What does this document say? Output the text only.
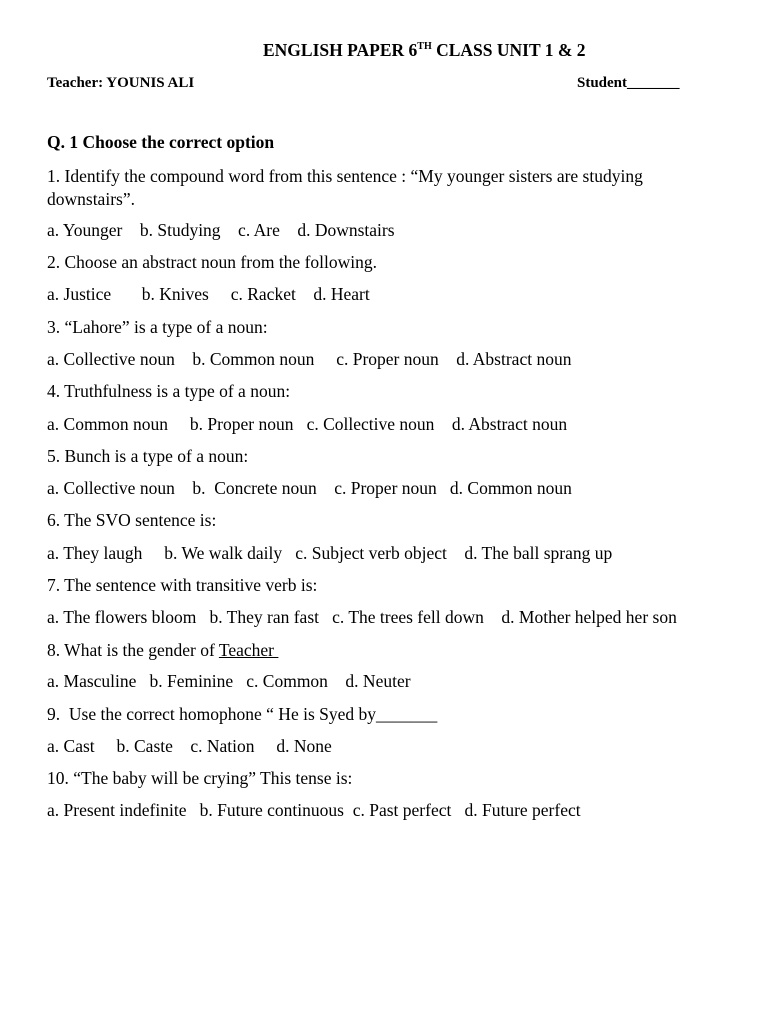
ENGLISH PAPER 6TH CLASS UNIT 1 & 2
Teacher: YOUNIS ALI	Student_______
Q. 1 Choose the correct option
1. Identify the compound word from this sentence : “My younger sisters are studying downstairs”.
a. Younger    b. Studying    c. Are    d. Downstairs
2. Choose an abstract noun from the following.
a. Justice       b. Knives     c. Racket    d. Heart
3. “Lahore” is a type of a noun:
a. Collective noun    b. Common noun     c. Proper noun    d. Abstract noun
4. Truthfulness is a type of a noun:
a. Common noun     b. Proper noun   c. Collective noun    d. Abstract noun
5. Bunch is a type of a noun:
a. Collective noun    b.  Concrete noun    c. Proper noun   d. Common noun
6. The SVO sentence is:
a. They laugh     b. We walk daily   c. Subject verb object    d. The ball sprang up
7. The sentence with transitive verb is:
a. The flowers bloom   b. They ran fast   c. The trees fell down    d. Mother helped her son
8. What is the gender of Teacher
a. Masculine   b. Feminine   c. Common    d. Neuter
9.  Use the correct homophone “ He is Syed by_______
a. Cast     b. Caste    c. Nation     d. None
10. “The baby will be crying” This tense is:
a. Present indefinite   b. Future continuous  c. Past perfect   d. Future perfect
